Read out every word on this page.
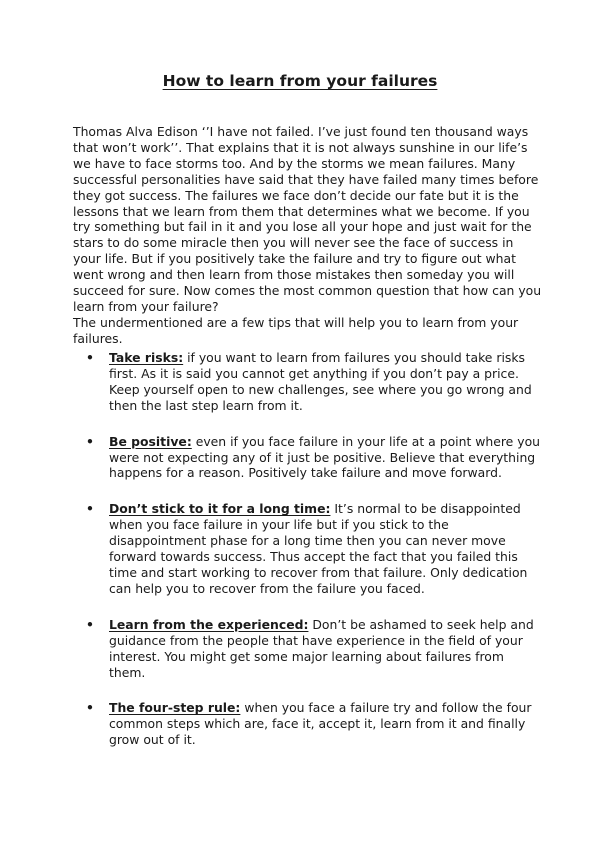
How to learn from your failures

Thomas Alva Edison ‘’I have not failed. I’ve just found ten thousand ways that won’t work’’. That explains that it is not always sunshine in our life’s we have to face storms too. And by the storms we mean failures. Many successful personalities have said that they have failed many times before they got success. The failures we face don’t decide our fate but it is the lessons that we learn from them that determines what we become. If you try something but fail in it and you lose all your hope and just wait for the stars to do some miracle then you will never see the face of success in your life. But if you positively take the failure and try to figure out what went wrong and then learn from those mistakes then someday you will succeed for sure. Now comes the most common question that how can you learn from your failure?

The undermentioned are a few tips that will help you to learn from your failures.

• Take risks: if you want to learn from failures you should take risks first. As it is said you cannot get anything if you don’t pay a price. Keep yourself open to new challenges, see where you go wrong and then the last step learn from it.
• Be positive: even if you face failure in your life at a point where you were not expecting any of it just be positive. Believe that everything happens for a reason. Positively take failure and move forward.
• Don’t stick to it for a long time: It’s normal to be disappointed when you face failure in your life but if you stick to the disappointment phase for a long time then you can never move forward towards success. Thus accept the fact that you failed this time and start working to recover from that failure. Only dedication can help you to recover from the failure you faced.
• Learn from the experienced: Don’t be ashamed to seek help and guidance from the people that have experience in the field of your interest. You might get some major learning about failures from them.
• The four-step rule: when you face a failure try and follow the four common steps which are, face it, accept it, learn from it and finally grow out of it.
